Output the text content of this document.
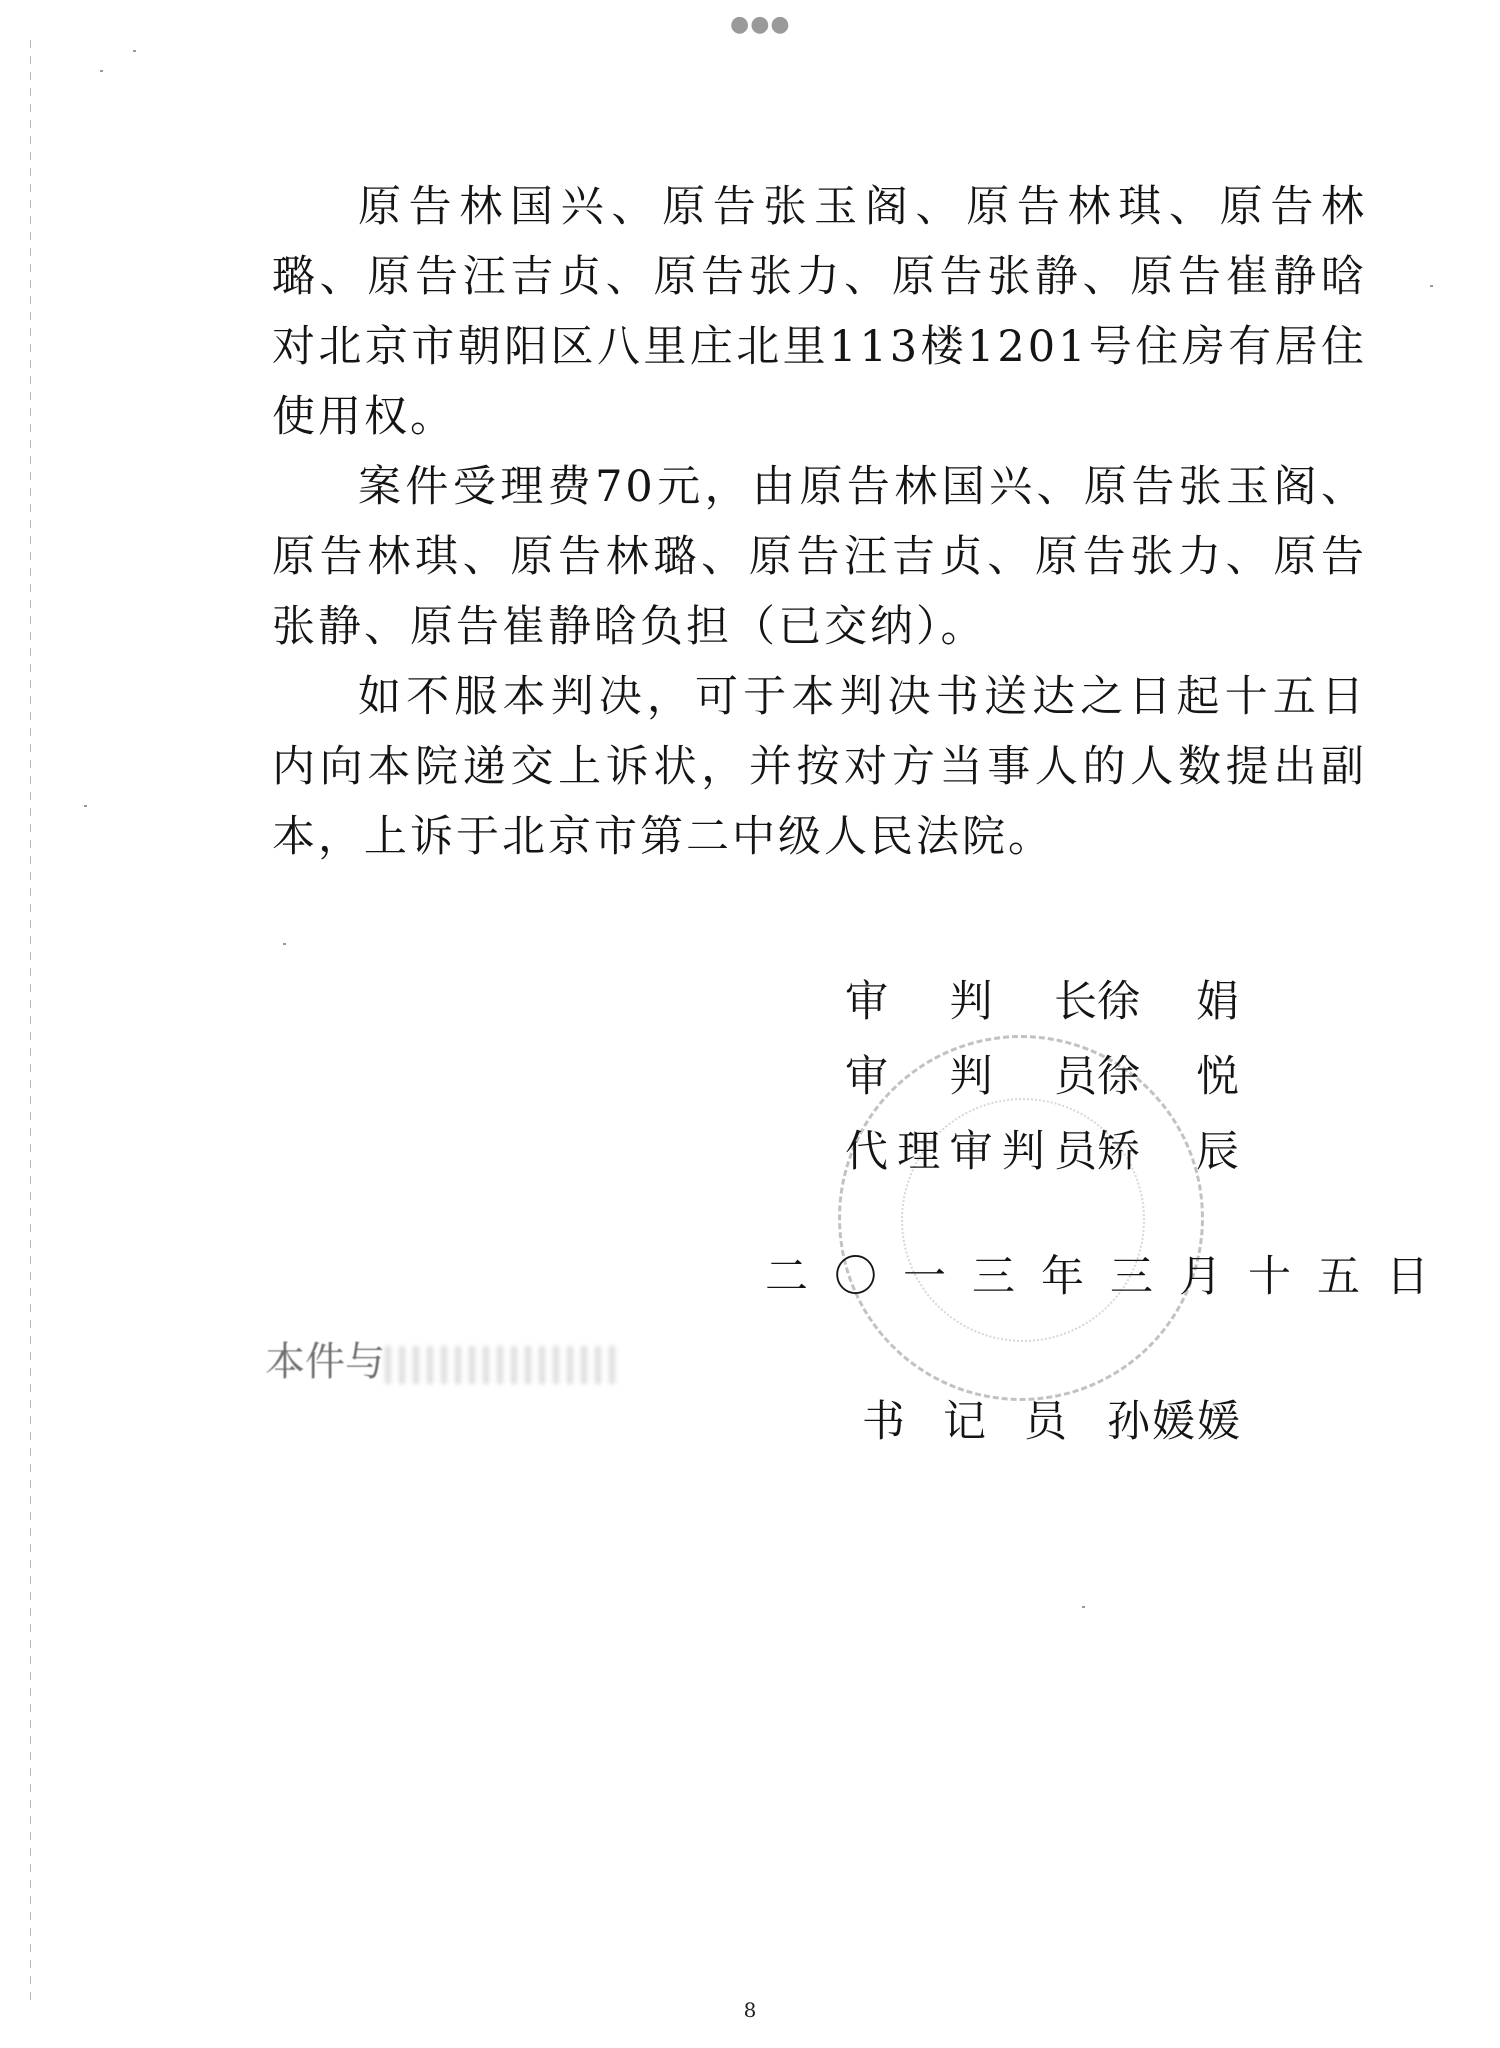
●●●

原告林国兴、原告张玉阁、原告林琪、原告林璐、原告汪吉贞、原告张力、原告张静、原告崔静晗对北京市朝阳区八里庄北里113楼1201号住房有居住使用权。

案件受理费70元，由原告林国兴、原告张玉阁、原告林琪、原告林璐、原告汪吉贞、原告张力、原告张静、原告崔静晗负担（已交纳）。

如不服本判决，可于本判决书送达之日起十五日内向本院递交上诉状，并按对方当事人的人数提出副本，上诉于北京市第二中级人民法院。

审判长徐娟
审判员徐悦
代理审判员矫辰
二〇一三年三月十五日
本件与
书记员 孙媛媛
8
